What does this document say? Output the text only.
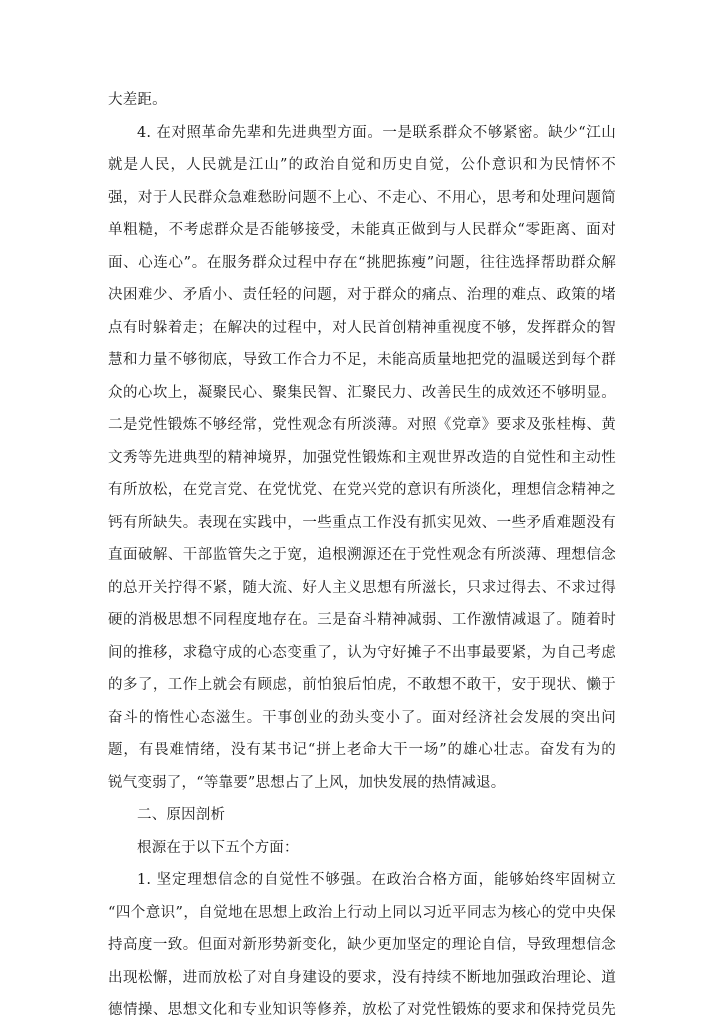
大差距。
4. 在对照革命先辈和先进典型方面。一是联系群众不够紧密。缺少“江山
就是人民，人民就是江山”的政治自觉和历史自觉，公仆意识和为民情怀不
强，对于人民群众急难愁盼问题不上心、不走心、不用心，思考和处理问题简
单粗糙，不考虑群众是否能够接受，未能真正做到与人民群众“零距离、面对
面、心连心”。在服务群众过程中存在“挑肥拣瘦”问题，往往选择帮助群众解
决困难少、矛盾小、责任轻的问题，对于群众的痛点、治理的难点、政策的堵
点有时躲着走；在解决的过程中，对人民首创精神重视度不够，发挥群众的智
慧和力量不够彻底，导致工作合力不足，未能高质量地把党的温暖送到每个群
众的心坎上，凝聚民心、聚集民智、汇聚民力、改善民生的成效还不够明显。
二是党性锻炼不够经常，党性观念有所淡薄。对照《党章》要求及张桂梅、黄
文秀等先进典型的精神境界，加强党性锻炼和主观世界改造的自觉性和主动性
有所放松，在党言党、在党忧党、在党兴党的意识有所淡化，理想信念精神之
钙有所缺失。表现在实践中，一些重点工作没有抓实见效、一些矛盾难题没有
直面破解、干部监管失之于宽，追根溯源还在于党性观念有所淡薄、理想信念
的总开关拧得不紧，随大流、好人主义思想有所滋长，只求过得去、不求过得
硬的消极思想不同程度地存在。三是奋斗精神减弱、工作激情减退了。随着时
间的推移，求稳守成的心态变重了，认为守好摊子不出事最要紧，为自己考虑
的多了，工作上就会有顾虑，前怕狼后怕虎，不敢想不敢干，安于现状、懒于
奋斗的惰性心态滋生。干事创业的劲头变小了。面对经济社会发展的突出问
题，有畏难情绪，没有某书记“拼上老命大干一场”的雄心壮志。奋发有为的
锐气变弱了，“等靠要”思想占了上风，加快发展的热情减退。
二、原因剖析
根源在于以下五个方面：
1. 坚定理想信念的自觉性不够强。在政治合格方面，能够始终牢固树立
“四个意识”，自觉地在思想上政治上行动上同以习近平同志为核心的党中央保
持高度一致。但面对新形势新变化，缺少更加坚定的理论自信，导致理想信念
出现松懈，进而放松了对自身建设的要求，没有持续不断地加强政治理论、道
德情操、思想文化和专业知识等修养，放松了对党性锻炼的要求和保持党员先
